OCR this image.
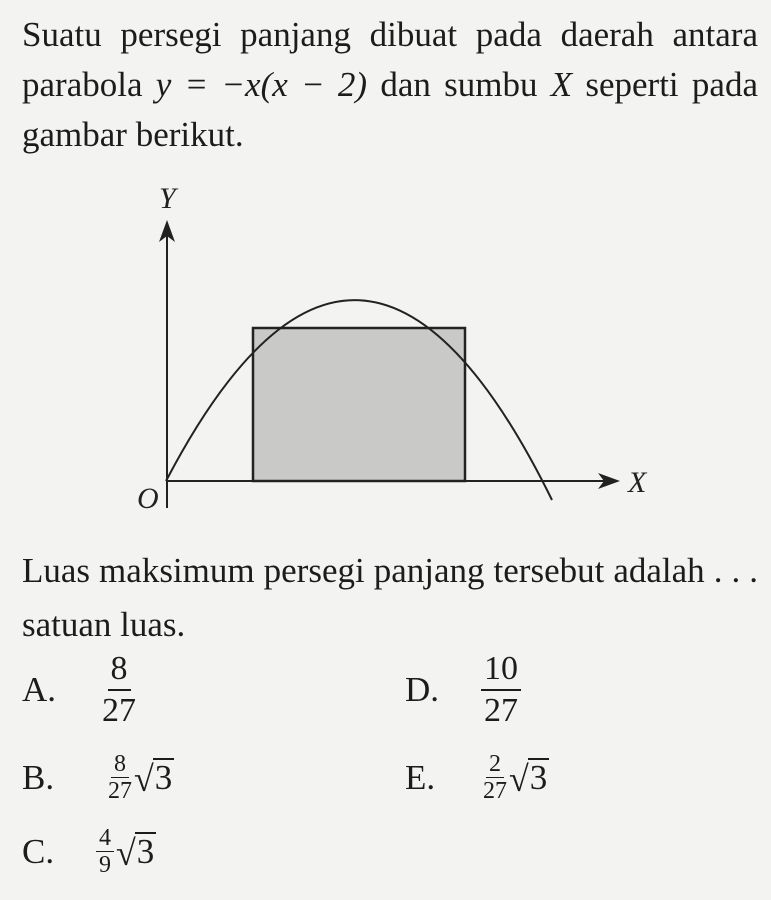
Suatu persegi panjang dibuat pada daerah antara parabola y = −x(x − 2) dan sumbu X seperti pada gambar berikut.
Y
X
O
Luas maksimum persegi panjang tersebut adalah . . . satuan luas.
A.	$\frac{8}{27}$	D.	$\frac{10}{27}$
B.	$\frac{8}{27}$ √ 3	E.	$\frac{2}{27}$ √ 3
C.	$\frac{4}{9}$ √ 3
